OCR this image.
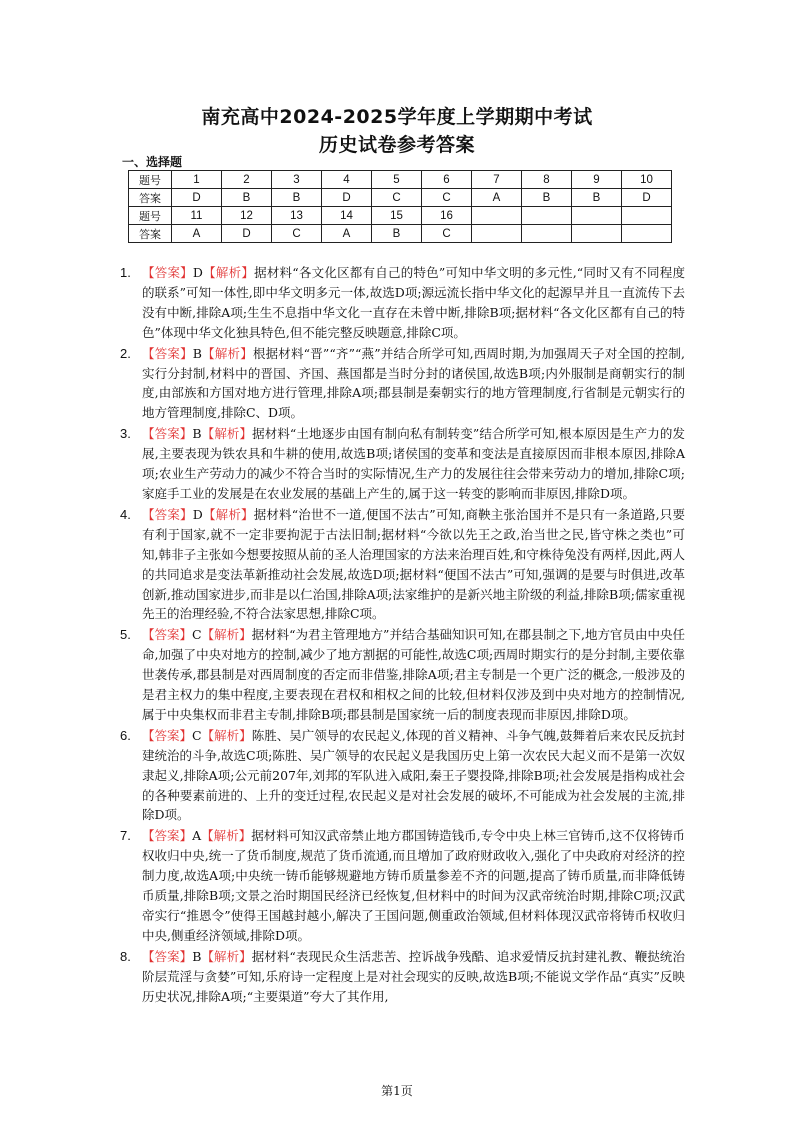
南充高中2024-2025学年度上学期期中考试
历史试卷参考答案
一、选择题
题号	1	2	3	4	5	6	7	8	9	10
答案	D	B	B	D	C	C	A	B	B	D
题号	11	12	13	14	15	16				
答案	A	D	C	A	B	C				
1. 【答案】D【解析】据材料“各文化区都有自己的特色”可知中华文明的多元性,“同时又有不同程度的联系”可知一体性,即中华文明多元一体,故选D项;源远流长指中华文化的起源早并且一直流传下去没有中断,排除A项;生生不息指中华文化一直存在未曾中断,排除B项;据材料“各文化区都有自己的特色”体现中华文化独具特色,但不能完整反映题意,排除C项。
2. 【答案】B【解析】根据材料“晋”“齐”“燕”并结合所学可知,西周时期,为加强周天子对全国的控制,实行分封制,材料中的晋国、齐国、燕国都是当时分封的诸侯国,故选B项;内外服制是商朝实行的制度,由部族和方国对地方进行管理,排除A项;郡县制是秦朝实行的地方管理制度,行省制是元朝实行的地方管理制度,排除C、D项。
3. 【答案】B【解析】据材料“土地逐步由国有制向私有制转变”结合所学可知,根本原因是生产力的发展,主要表现为铁农具和牛耕的使用,故选B项;诸侯国的变革和变法是直接原因而非根本原因,排除A项;农业生产劳动力的减少不符合当时的实际情况,生产力的发展往往会带来劳动力的增加,排除C项;家庭手工业的发展是在农业发展的基础上产生的,属于这一转变的影响而非原因,排除D项。
4. 【答案】D【解析】据材料“治世不一道,便国不法古”可知,商鞅主张治国并不是只有一条道路,只要有利于国家,就不一定非要拘泥于古法旧制;据材料“今欲以先王之政,治当世之民,皆守株之类也”可知,韩非子主张如今想要按照从前的圣人治理国家的方法来治理百姓,和守株待兔没有两样,因此,两人的共同追求是变法革新推动社会发展,故选D项;据材料“便国不法古”可知,强调的是要与时俱进,改革创新,推动国家进步,而非是以仁治国,排除A项;法家维护的是新兴地主阶级的利益,排除B项;儒家重视先王的治理经验,不符合法家思想,排除C项。
5. 【答案】C【解析】据材料“为君主管理地方”并结合基础知识可知,在郡县制之下,地方官员由中央任命,加强了中央对地方的控制,减少了地方割据的可能性,故选C项;西周时期实行的是分封制,主要依靠世袭传承,郡县制是对西周制度的否定而非借鉴,排除A项;君主专制是一个更广泛的概念,一般涉及的是君主权力的集中程度,主要表现在君权和相权之间的比较,但材料仅涉及到中央对地方的控制情况,属于中央集权而非君主专制,排除B项;郡县制是国家统一后的制度表现而非原因,排除D项。
6. 【答案】C【解析】陈胜、吴广领导的农民起义,体现的首义精神、斗争气魄,鼓舞着后来农民反抗封建统治的斗争,故选C项;陈胜、吴广领导的农民起义是我国历史上第一次农民大起义而不是第一次奴隶起义,排除A项;公元前207年,刘邦的军队进入咸阳,秦王子婴投降,排除B项;社会发展是指构成社会的各种要素前进的、上升的变迁过程,农民起义是对社会发展的破坏,不可能成为社会发展的主流,排除D项。
7. 【答案】A【解析】据材料可知汉武帝禁止地方郡国铸造钱币,专令中央上林三官铸币,这不仅将铸币权收归中央,统一了货币制度,规范了货币流通,而且增加了政府财政收入,强化了中央政府对经济的控制力度,故选A项;中央统一铸币能够规避地方铸币质量参差不齐的问题,提高了铸币质量,而非降低铸币质量,排除B项;文景之治时期国民经济已经恢复,但材料中的时间为汉武帝统治时期,排除C项;汉武帝实行“推恩令”使得王国越封越小,解决了王国问题,侧重政治领域,但材料体现汉武帝将铸币权收归中央,侧重经济领域,排除D项。
8. 【答案】B【解析】据材料“表现民众生活悲苦、控诉战争残酷、追求爱情反抗封建礼教、鞭挞统治阶层荒淫与贪婪”可知,乐府诗一定程度上是对社会现实的反映,故选B项;不能说文学作品“真实”反映历史状况,排除A项;“主要渠道”夸大了其作用,
第1页
